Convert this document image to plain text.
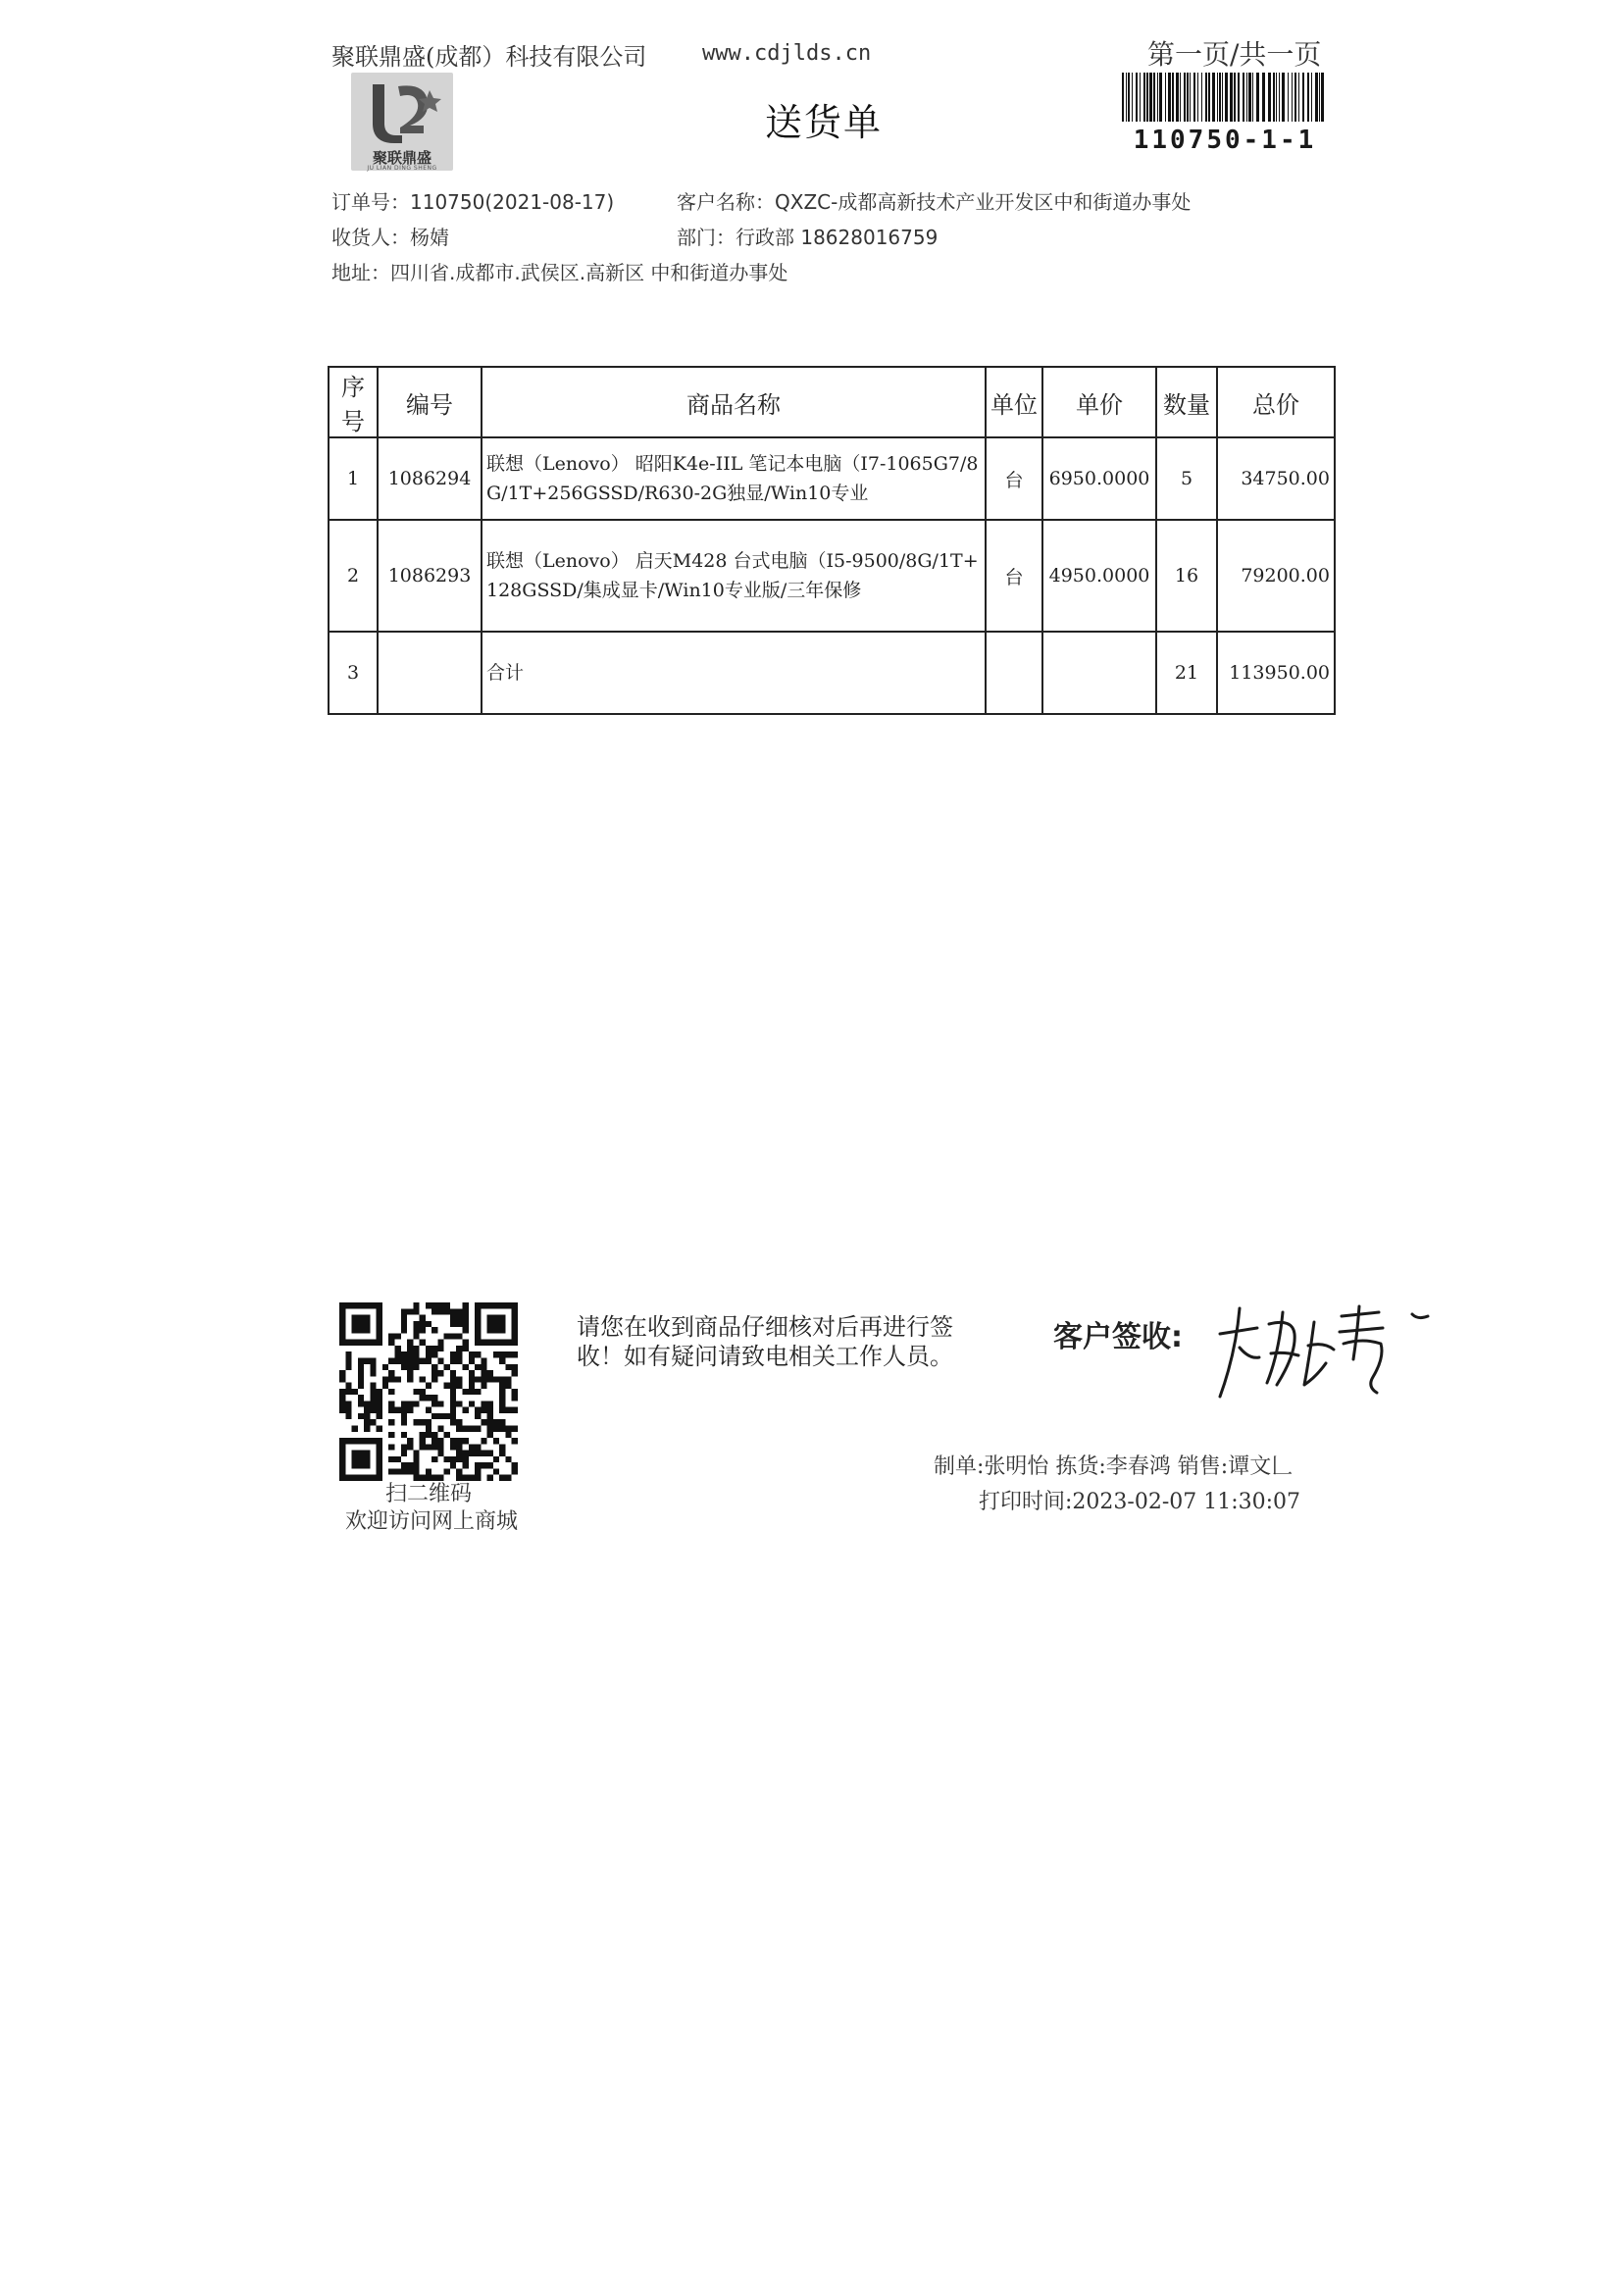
聚联鼎盛(成都）科技有限公司	www.cdjlds.cn	第一页/共一页
聚联鼎盛
JU LIAN DING SHENG
送货单	110750-1-1
订单号：110750(2021-08-17)	客户名称：QXZC-成都高新技术产业开发区中和街道办事处
收货人：杨婧	部门：行政部 18628016759
地址：四川省.成都市.武侯区.高新区 中和街道办事处
序号	编号	商品名称	单位	单价	数量	总价
1	1086294	联想（Lenovo） 昭阳K4e-IIL 笔记本电脑（I7-1065G7/8G/1T+256GSSD/R630-2G独显/Win10专业	台	6950.0000	5	34750.00
2	1086293	联想（Lenovo） 启天M428 台式电脑（I5-9500/8G/1T+128GSSD/集成显卡/Win10专业版/三年保修	台	4950.0000	16	79200.00
3		合计			21	113950.00
扫二维码
欢迎访问网上商城
请您在收到商品仔细核对后再进行签收！如有疑问请致电相关工作人员。
客户签收:
制单:张明怡 拣货:李春鸿 销售:谭文𠃊
打印时间:2023-02-07 11:30:07
